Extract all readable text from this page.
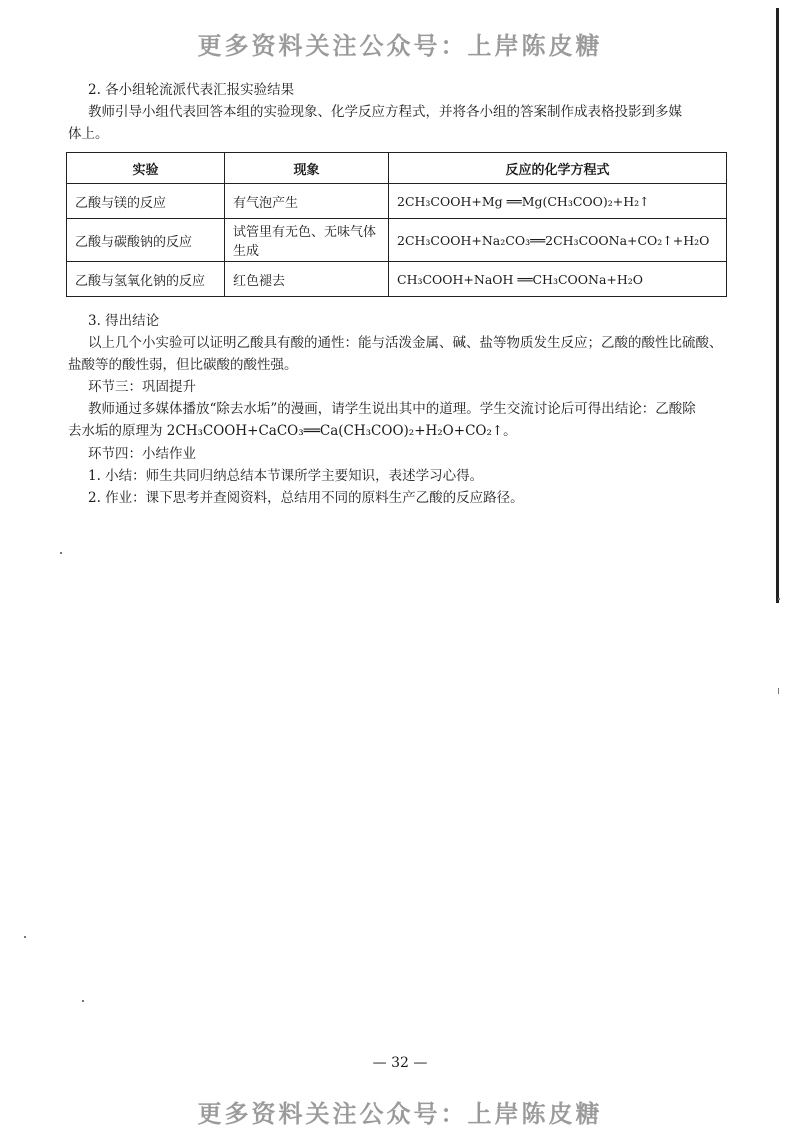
更多资料关注公众号：上岸陈皮糖
2. 各小组轮流派代表汇报实验结果
教师引导小组代表回答本组的实验现象、化学反应方程式，并将各小组的答案制作成表格投影到多媒
体上。
实验	现象	反应的化学方程式
乙酸与镁的反应	有气泡产生	2CH₃COOH+Mg ══Mg(CH₃COO)₂+H₂↑
乙酸与碳酸钠的反应	试管里有无色、无味气体生成	2CH₃COOH+Na₂CO₃══2CH₃COONa+CO₂↑+H₂O
乙酸与氢氧化钠的反应	红色褪去	CH₃COOH+NaOH ══CH₃COONa+H₂O
3. 得出结论
以上几个小实验可以证明乙酸具有酸的通性：能与活泼金属、碱、盐等物质发生反应；乙酸的酸性比硫酸、
盐酸等的酸性弱，但比碳酸的酸性强。
环节三：巩固提升
教师通过多媒体播放“除去水垢”的漫画，请学生说出其中的道理。学生交流讨论后可得出结论：乙酸除
去水垢的原理为 2CH₃COOH+CaCO₃══Ca(CH₃COO)₂+H₂O+CO₂↑。
环节四：小结作业
1. 小结：师生共同归纳总结本节课所学主要知识，表述学习心得。
2. 作业：课下思考并查阅资料，总结用不同的原料生产乙酸的反应路径。
— 32 —
更多资料关注公众号：上岸陈皮糖
